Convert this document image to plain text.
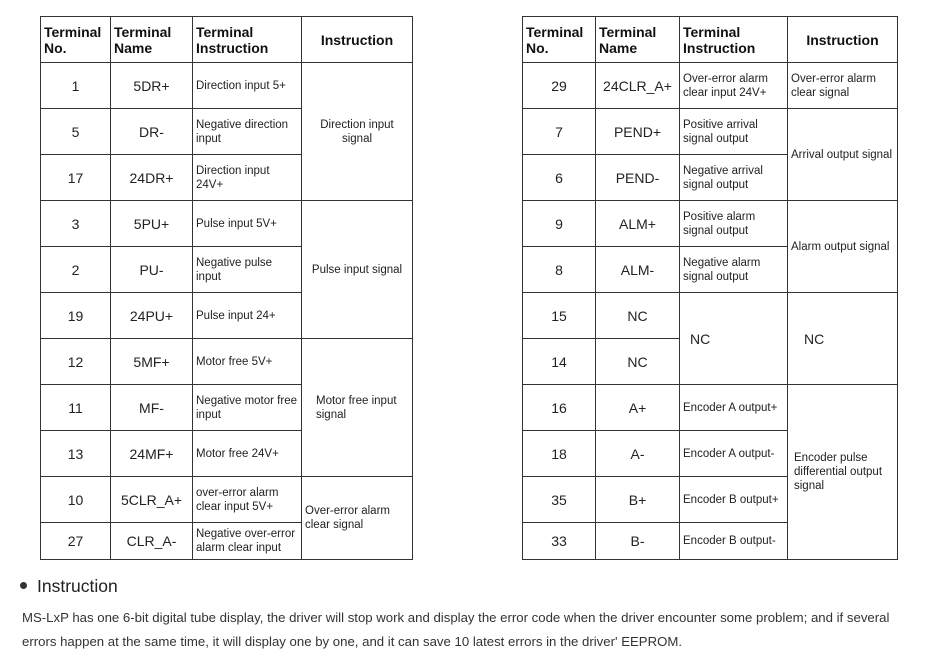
Terminal No.	Terminal Name	Terminal Instruction	Instruction
1	5DR+	Direction input 5+	Direction input signal
5	DR-	Negative direction input	
17	24DR+	Direction input 24V+	
3	5PU+	Pulse input 5V+	Pulse input signal
2	PU-	Negative pulse input	
19	24PU+	Pulse input 24+	
12	5MF+	Motor free 5V+	Motor free input signal
11	MF-	Negative motor free input	
13	24MF+	Motor free 24V+	
10	5CLR_A+	over-error alarm clear input 5V+	Over-error alarm clear signal
27	CLR_A-	Negative over-error alarm clear input	
Terminal No.	Terminal Name	Terminal Instruction	Instruction
29	24CLR_A+	Over-error alarm clear input 24V+	Over-error alarm clear signal
7	PEND+	Positive arrival signal output	Arrival output signal
6	PEND-	Negative arrival signal output	
9	ALM+	Positive alarm signal output	Alarm output signal
8	ALM-	Negative alarm signal output	
15	NC	NC	NC
14	NC		
16	A+	Encoder A output+	Encoder pulse differential output signal
18	A-	Encoder A output-	
35	B+	Encoder B output+	
33	B-	Encoder B output-	
Instruction
MS-LxP has one 6-bit digital tube display, the driver will stop work and display the error code when the driver encounter some problem; and if several errors happen at the same time, it will display one by one, and it can save 10 latest errors in the driver' EEPROM.
